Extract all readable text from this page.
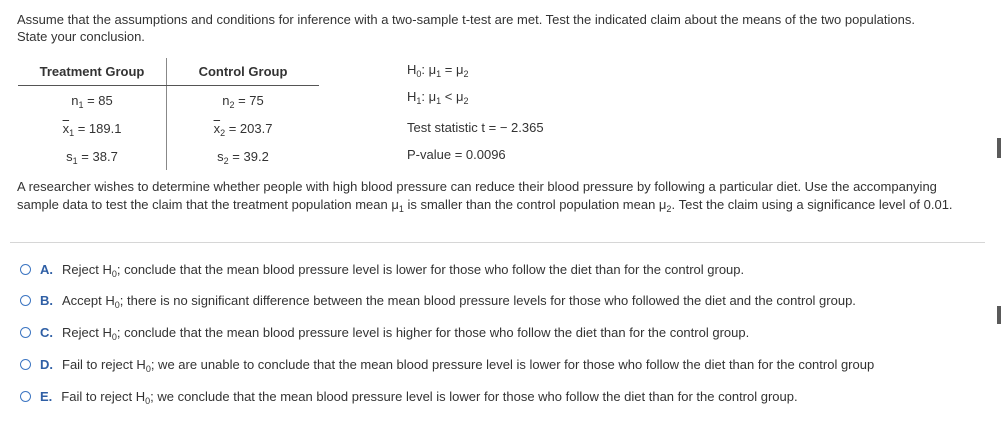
Assume that the assumptions and conditions for inference with a two-sample t-test are met. Test the indicated claim about the means of the two populations. State your conclusion.
Treatment Group	Control Group
$n_1 = 85$	$n_2 = 75$
$\overline{x}_1 = 189.1$	$\overline{x}_2 = 203.7$
$s_1 = 38.7$	$s_2 = 39.2$
$H_0$: $\mu_1 = \mu_2$
$H_1$: $\mu_1 < \mu_2$
Test statistic t = − 2.365
P-value = 0.0096
A researcher wishes to determine whether people with high blood pressure can reduce their blood pressure by following a particular diet. Use the accompanying sample data to test the claim that the treatment population mean $\mu_1$ is smaller than the control population mean $\mu_2$. Test the claim using a significance level of 0.01.
A. Reject $H_0$; conclude that the mean blood pressure level is lower for those who follow the diet than for the control group.
B. Accept $H_0$; there is no significant difference between the mean blood pressure levels for those who followed the diet and the control group.
C. Reject $H_0$; conclude that the mean blood pressure level is higher for those who follow the diet than for the control group.
D. Fail to reject $H_0$; we are unable to conclude that the mean blood pressure level is lower for those who follow the diet than for the control group
E. Fail to reject $H_0$; we conclude that the mean blood pressure level is lower for those who follow the diet than for the control group.
